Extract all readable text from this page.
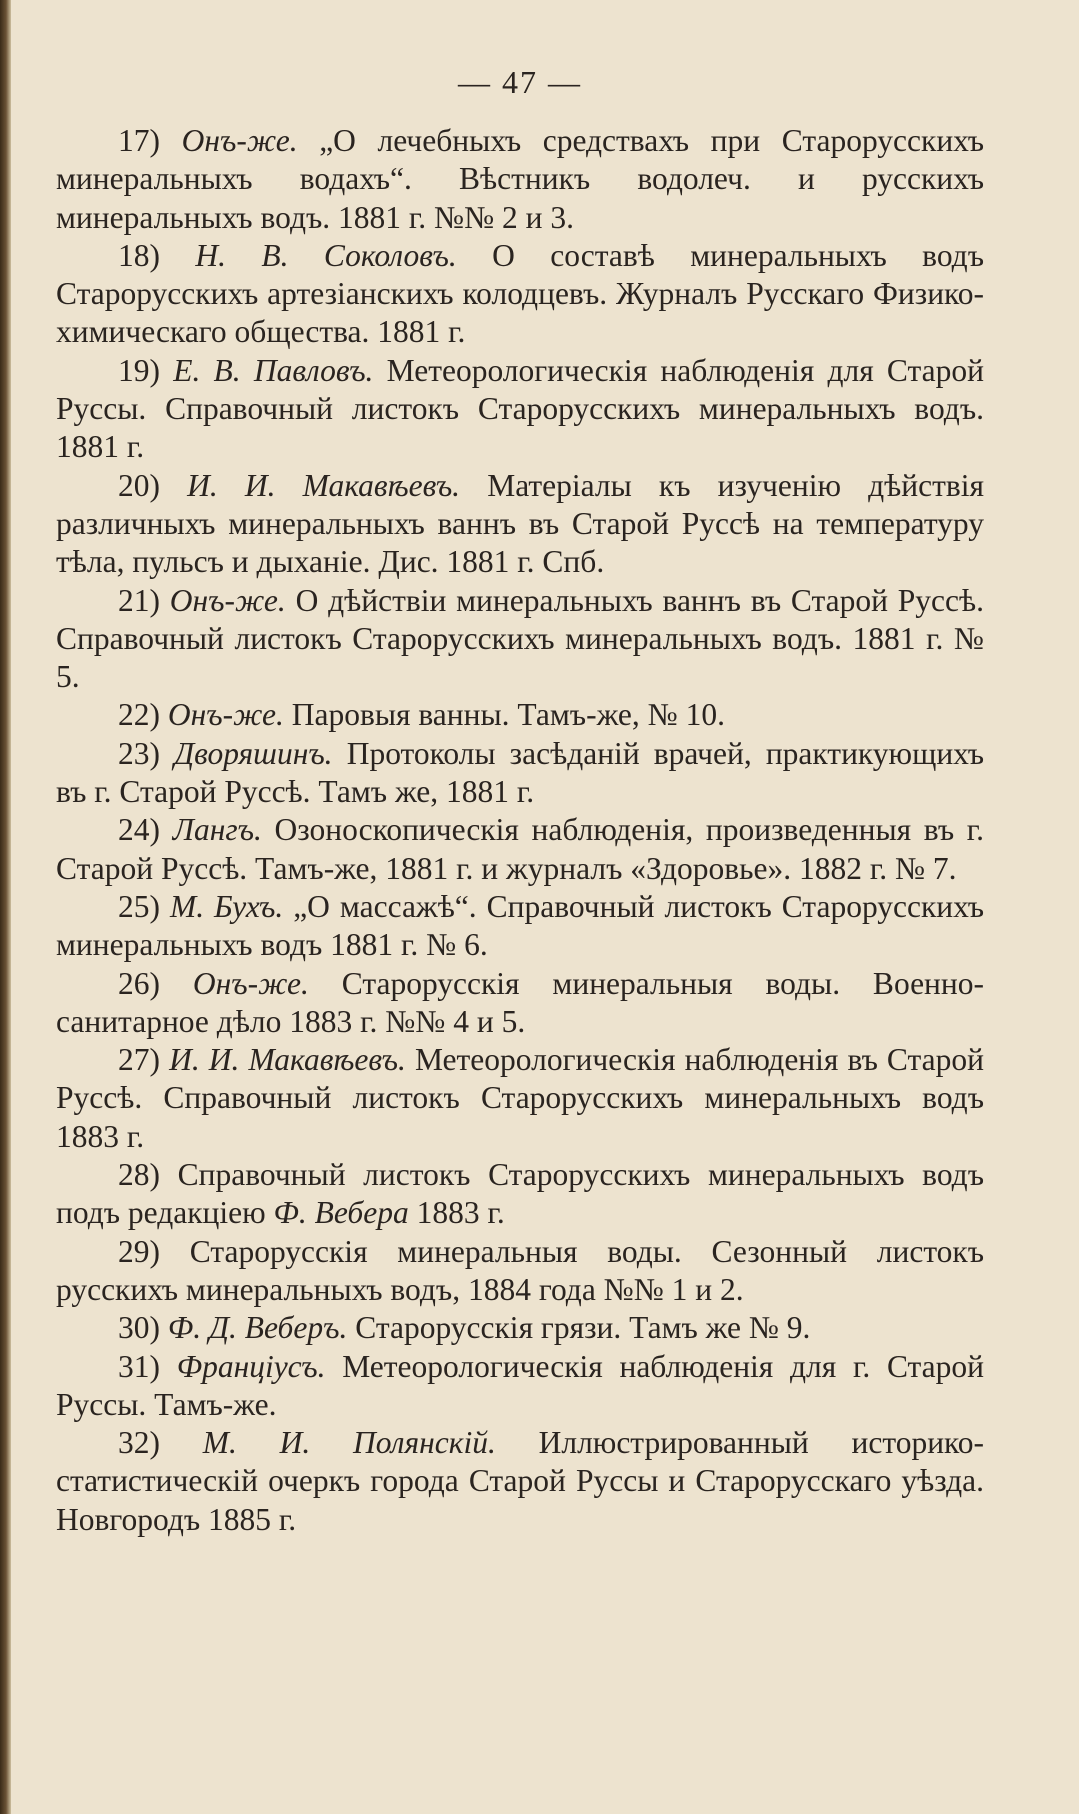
— 47 —

17) Онъ-же. „О лечебныхъ средствахъ при Старорусскихъ минеральныхъ водахъ“. Вѣстникъ водолеч. и русскихъ минеральныхъ водъ. 1881 г. №№ 2 и 3.

18) Н. В. Соколовъ. О составѣ минеральныхъ водъ Старорусскихъ артезіанскихъ колодцевъ. Журналъ Русскаго Физико-химическаго общества. 1881 г.

19) Е. В. Павловъ. Метеорологическія наблюденія для Старой Руссы. Справочный листокъ Старорусскихъ минеральныхъ водъ. 1881 г.

20) И. И. Макавѣевъ. Матеріалы къ изученію дѣйствія различныхъ минеральныхъ ваннъ въ Старой Руссѣ на температуру тѣла, пульсъ и дыханіе. Дис. 1881 г. Спб.

21) Онъ-же. О дѣйствіи минеральныхъ ваннъ въ Старой Руссѣ. Справочный листокъ Старорусскихъ минеральныхъ водъ. 1881 г. № 5.

22) Онъ-же. Паровыя ванны. Тамъ-же, № 10.

23) Дворяшинъ. Протоколы засѣданій врачей, практикующихъ въ г. Старой Руссѣ. Тамъ же, 1881 г.

24) Лангъ. Озоноскопическія наблюденія, произведенныя въ г. Старой Руссѣ. Тамъ-же, 1881 г. и журналъ «Здоровье». 1882 г. № 7.

25) М. Бухъ. „О массажѣ“. Справочный листокъ Старорусскихъ минеральныхъ водъ 1881 г. № 6.

26) Онъ-же. Старорусскія минеральныя воды. Военно-санитарное дѣло 1883 г. №№ 4 и 5.

27) И. И. Макавѣевъ. Метеорологическія наблюденія въ Старой Руссѣ. Справочный листокъ Старорусскихъ минеральныхъ водъ 1883 г.

28) Справочный листокъ Старорусскихъ минеральныхъ водъ подъ редакціею Ф. Вебера 1883 г.

29) Старорусскія минеральныя воды. Сезонный листокъ русскихъ минеральныхъ водъ, 1884 года №№ 1 и 2.

30) Ф. Д. Веберъ. Старорусскія грязи. Тамъ же № 9.

31) Францiусъ. Метеорологическія наблюденія для г. Старой Руссы. Тамъ-же.

32) М. И. Полянскій. Иллюстрированный историко-статистическій очеркъ города Старой Руссы и Старорусскаго уѣзда. Новгородъ 1885 г.
